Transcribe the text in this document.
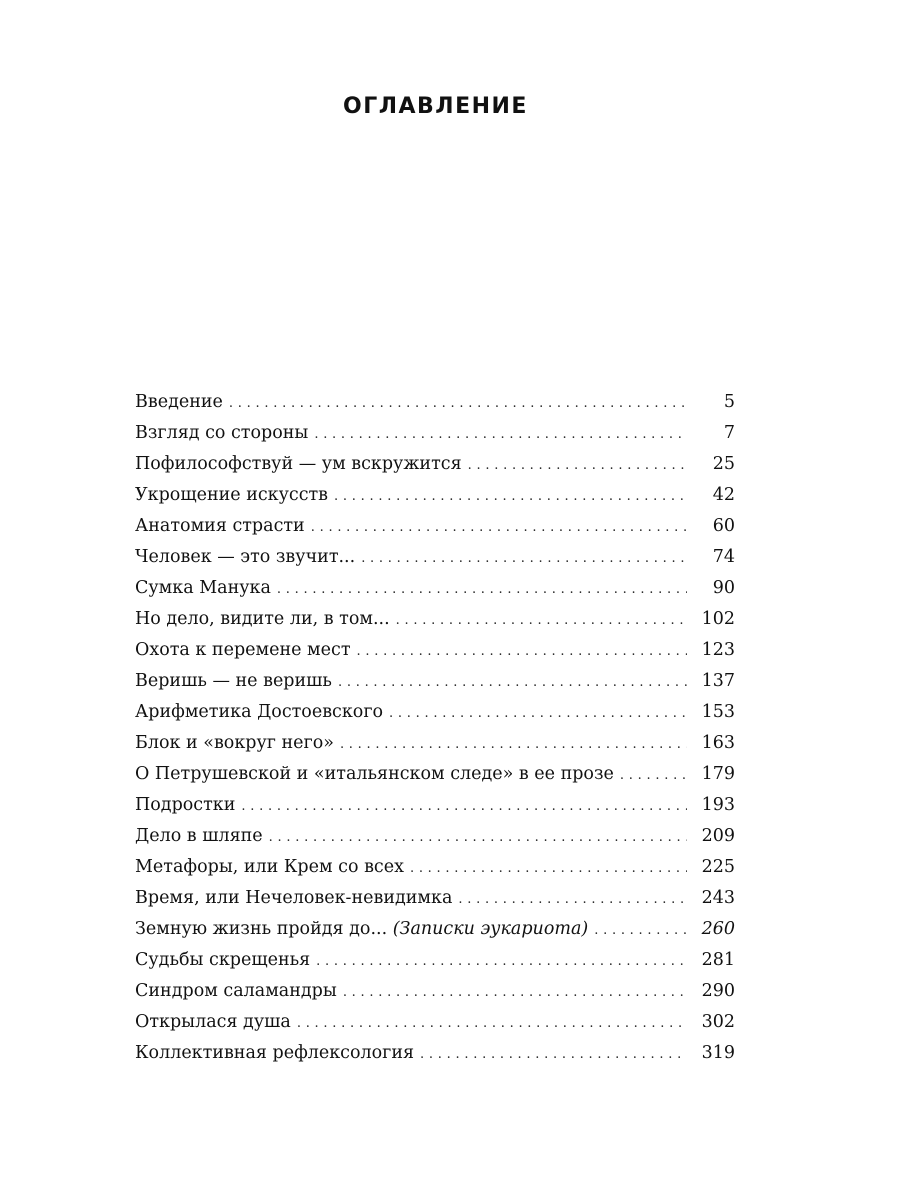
ОГЛАВЛЕНИЕ
Введение . . .	5
Взгляд со стороны . . .	7
Пофилософствуй — ум вскружится . . .	25
Укрощение искусств . . .	42
Анатомия страсти . . .	60
Человек — это звучит... . . .	74
Сумка Манука . . .	90
Но дело, видите ли, в том... . . .	102
Охота к перемене мест . . .	123
Веришь — не веришь . . .	137
Арифметика Достоевского . . .	153
Блок и «вокруг него» . . .	163
О Петрушевской и «итальянском следе» в ее прозе . . .	179
Подростки . . .	193
Дело в шляпе . . .	209
Метафоры, или Крем со всех . . .	225
Время, или Нечеловек-невидимка . . .	243
Земную жизнь пройдя до... (Записки эукариота) . . .	260
Судьбы скрещенья . . .	281
Синдром саламандры . . .	290
Открылася душа . . .	302
Коллективная рефлексология . . .	319
